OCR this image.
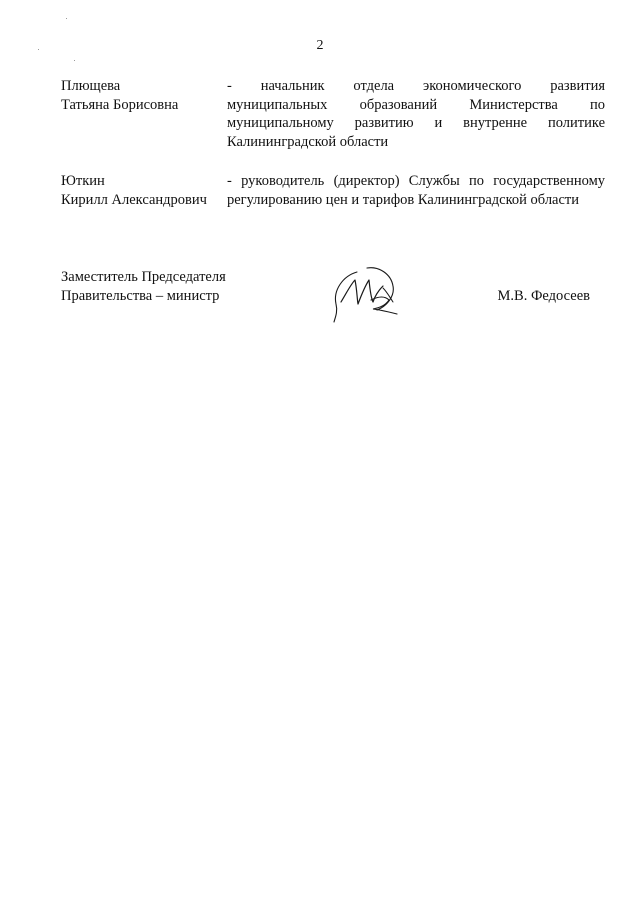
2
Плющева
Татьяна Борисовна
- начальник отдела экономического развития муниципальных образований Министерства по муниципальному развитию и внутренне политике Калининградской области
Юткин
Кирилл Александрович
- руководитель (директор) Службы по государственному регулированию цен и тарифов Калининградской области
Заместитель Председателя
Правительства – министр	М.В. Федосеев
